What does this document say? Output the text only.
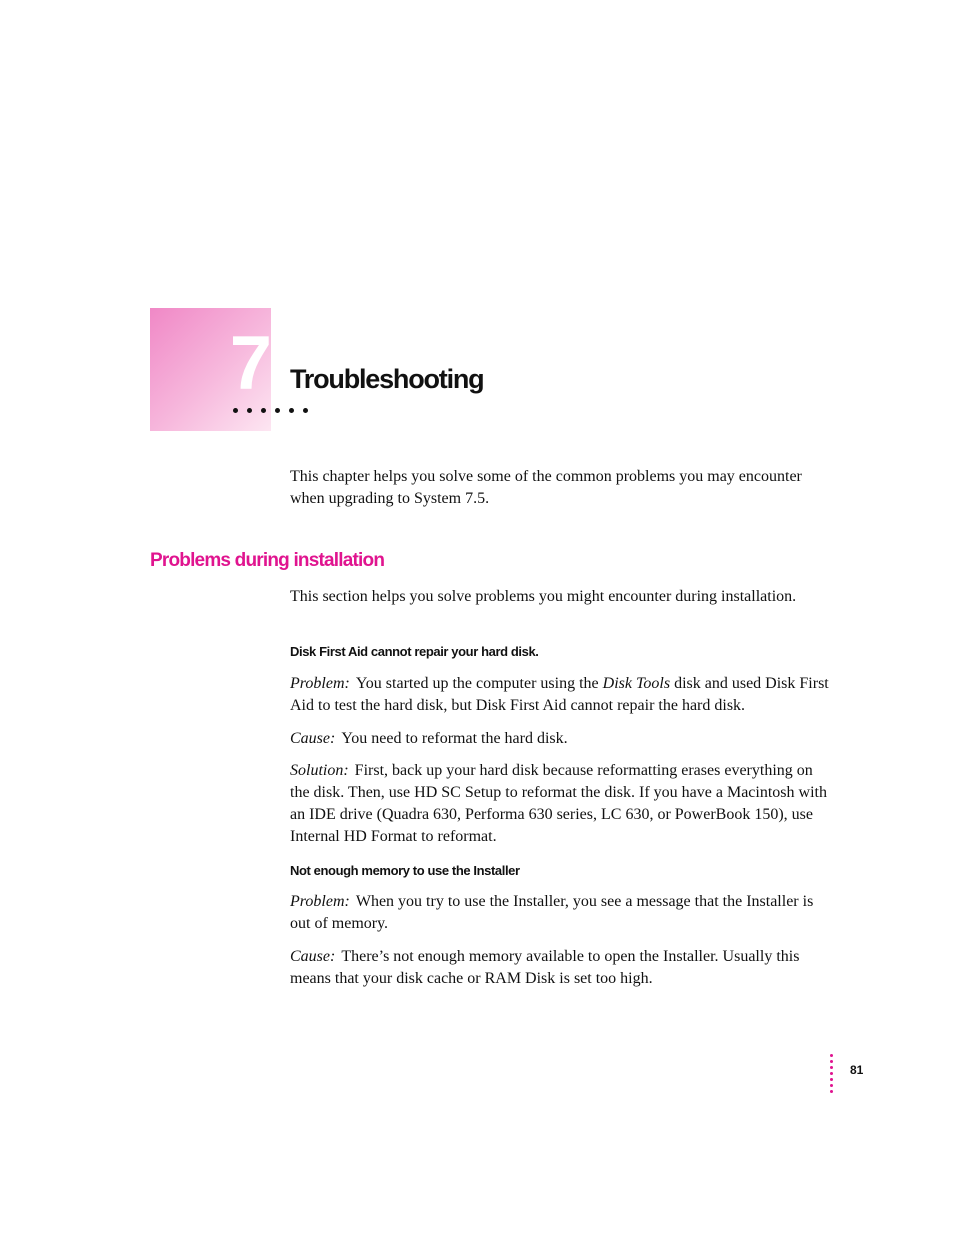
7 Troubleshooting

This chapter helps you solve some of the common problems you may encounter when upgrading to System 7.5.

Problems during installation

This section helps you solve problems you might encounter during installation.

Disk First Aid cannot repair your hard disk.

Problem: You started up the computer using the Disk Tools disk and used Disk First Aid to test the hard disk, but Disk First Aid cannot repair the hard disk.

Cause: You need to reformat the hard disk.

Solution: First, back up your hard disk because reformatting erases everything on the disk. Then, use HD SC Setup to reformat the disk. If you have a Macintosh with an IDE drive (Quadra 630, Performa 630 series, LC 630, or PowerBook 150), use Internal HD Format to reformat.

Not enough memory to use the Installer

Problem: When you try to use the Installer, you see a message that the Installer is out of memory.

Cause: There’s not enough memory available to open the Installer. Usually this means that your disk cache or RAM Disk is set too high.

81
